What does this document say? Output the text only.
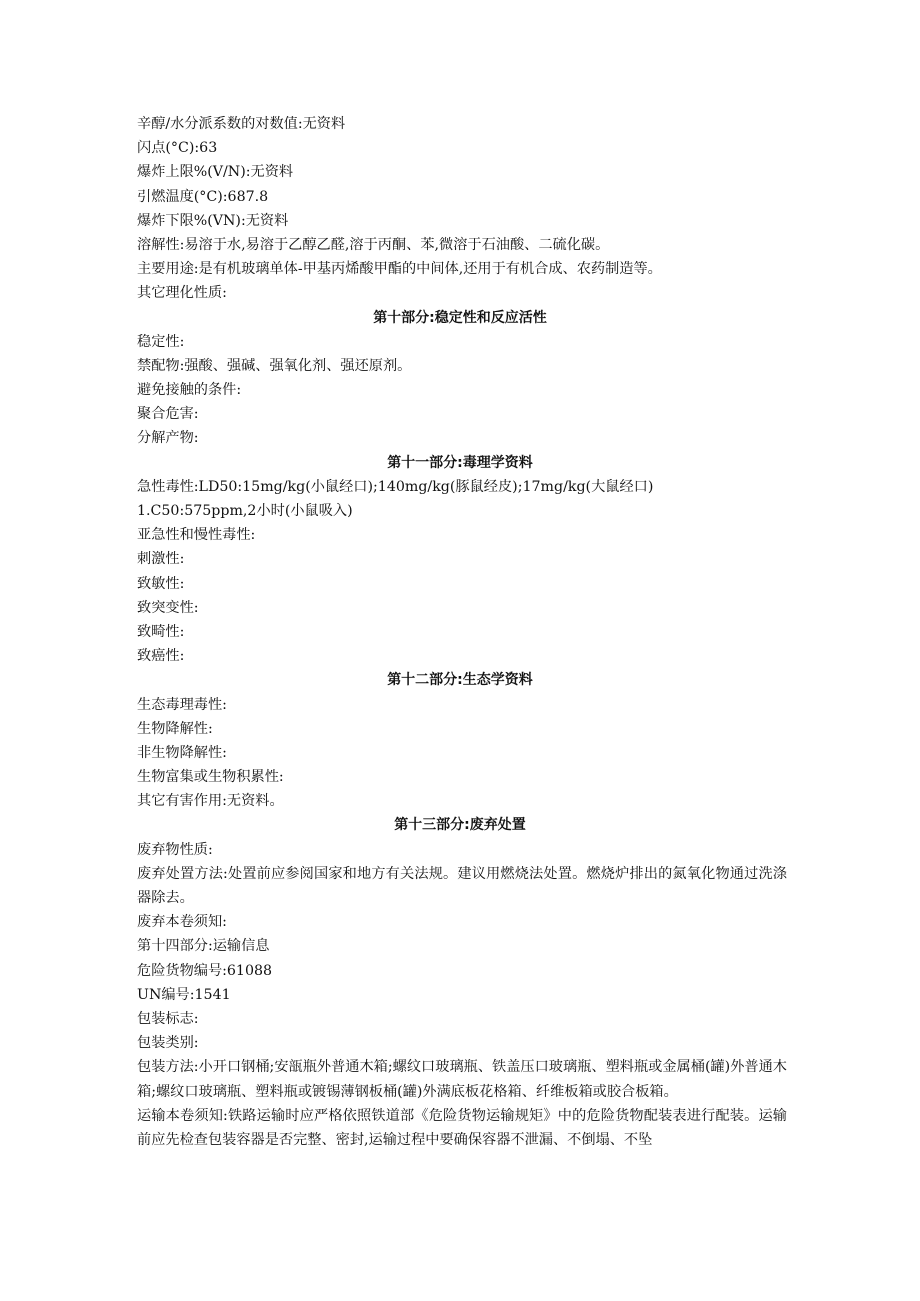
辛醇/水分派系数的对数值:无资料
闪点(°C):63
爆炸上限%(V/N):无资料
引燃温度(°C):687.8
爆炸下限%(VN):无资料
溶解性:易溶于水,易溶于乙醇乙醛,溶于丙酮、苯,微溶于石油酸、二硫化碳。
主要用途:是有机玻璃单体-甲基丙烯酸甲酯的中间体,还用于有机合成、农药制造等。
其它理化性质:
第十部分:稳定性和反应活性
稳定性:
禁配物:强酸、强碱、强氧化剂、强还原剂。
避免接触的条件:
聚合危害:
分解产物:
第十一部分:毒理学资料
急性毒性:LD50:15mg/kg(小鼠经口);140mg/kg(豚鼠经皮);17mg/kg(大鼠经口)
1.C50:575ppm,2小时(小鼠吸入)
亚急性和慢性毒性:
刺激性:
致敏性:
致突变性:
致畸性:
致癌性:
第十二部分:生态学资料
生态毒理毒性:
生物降解性:
非生物降解性:
生物富集或生物积累性:
其它有害作用:无资料。
第十三部分:废弃处置
废弃物性质:
废弃处置方法:处置前应参阅国家和地方有关法规。建议用燃烧法处置。燃烧炉排出的氮氧化物通过洗涤器除去。
废弃本卷须知:
第十四部分:运输信息
危险货物编号:61088
UN编号:1541
包装标志:
包装类别:
包装方法:小开口钢桶;安瓿瓶外普通木箱;螺纹口玻璃瓶、铁盖压口玻璃瓶、塑料瓶或金属桶(罐)外普通木箱;螺纹口玻璃瓶、塑料瓶或镀锡薄钢板桶(罐)外满底板花格箱、纤维板箱或胶合板箱。
运输本卷须知:铁路运输时应严格依照铁道部《危险货物运输规矩》中的危险货物配装表进行配装。运输前应先检查包装容器是否完整、密封,运输过程中要确保容器不泄漏、不倒塌、不坠
